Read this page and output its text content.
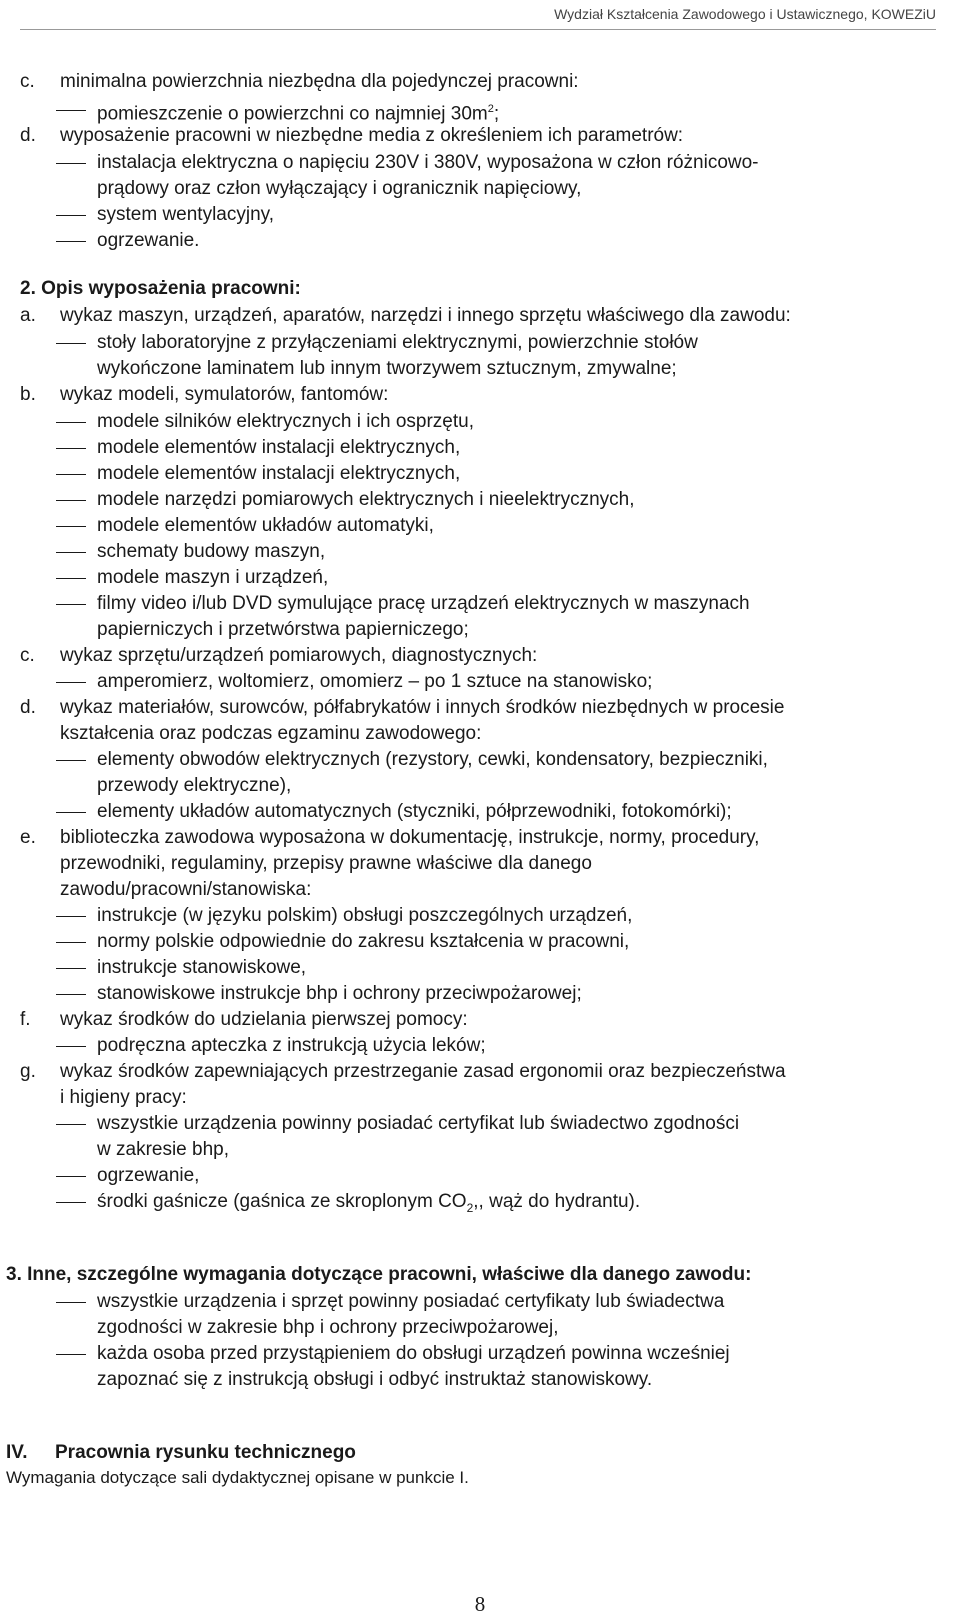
Wydział Kształcenia Zawodowego i Ustawicznego, KOWEZiU
c. minimalna powierzchnia niezbędna dla pojedynczej pracowni:
pomieszczenie o powierzchni co najmniej $30m^2$;
d. wyposażenie pracowni w niezbędne media z określeniem ich parametrów:
instalacja elektryczna o napięciu 230V i 380V, wyposażona w człon różnicowo-
prądowy oraz człon wyłączający i ogranicznik napięciowy,
system wentylacyjny,
ogrzewanie.
2. Opis wyposażenia pracowni:
a. wykaz maszyn, urządzeń, aparatów, narzędzi i innego sprzętu właściwego dla zawodu:
stoły laboratoryjne z przyłączeniami elektrycznymi, powierzchnie stołów
wykończone laminatem lub innym tworzywem sztucznym, zmywalne;
b. wykaz modeli, symulatorów, fantomów:
modele silników elektrycznych i ich osprzętu,
modele elementów instalacji elektrycznych,
modele elementów instalacji elektrycznych,
modele narzędzi pomiarowych elektrycznych i nieelektrycznych,
modele elementów układów automatyki,
schematy budowy maszyn,
modele maszyn i urządzeń,
filmy video i/lub DVD symulujące pracę urządzeń elektrycznych w maszynach
papierniczych i przetwórstwa papierniczego;
c. wykaz sprzętu/urządzeń pomiarowych, diagnostycznych:
amperomierz, woltomierz, omomierz – po 1 sztuce na stanowisko;
d. wykaz materiałów, surowców, półfabrykatów i innych środków niezbędnych w procesie
kształcenia oraz podczas egzaminu zawodowego:
elementy obwodów elektrycznych (rezystory, cewki, kondensatory, bezpieczniki,
przewody elektryczne),
elementy układów automatycznych (styczniki, półprzewodniki, fotokomórki);
e. biblioteczka zawodowa wyposażona w dokumentację, instrukcje, normy, procedury,
przewodniki, regulaminy, przepisy prawne właściwe dla danego
zawodu/pracowni/stanowiska:
instrukcje (w języku polskim) obsługi poszczególnych urządzeń,
normy polskie odpowiednie do zakresu kształcenia w pracowni,
instrukcje stanowiskowe,
stanowiskowe instrukcje bhp i ochrony przeciwpożarowej;
f. wykaz środków do udzielania pierwszej pomocy:
podręczna apteczka z instrukcją użycia leków;
g. wykaz środków zapewniających przestrzeganie zasad ergonomii oraz bezpieczeństwa
i higieny pracy:
wszystkie urządzenia powinny posiadać certyfikat lub świadectwo zgodności
w zakresie bhp,
ogrzewanie,
środki gaśnicze (gaśnica ze skroplonym $CO_2$,, wąż do hydrantu).
3. Inne, szczególne wymagania dotyczące pracowni, właściwe dla danego zawodu:
wszystkie urządzenia i sprzęt powinny posiadać certyfikaty lub świadectwa
zgodności w zakresie bhp i ochrony przeciwpożarowej,
każda osoba przed przystąpieniem do obsługi urządzeń powinna wcześniej
zapoznać się z instrukcją obsługi i odbyć instruktaż stanowiskowy.
IV. Pracownia rysunku technicznego
Wymagania dotyczące sali dydaktycznej opisane w punkcie I.
8
